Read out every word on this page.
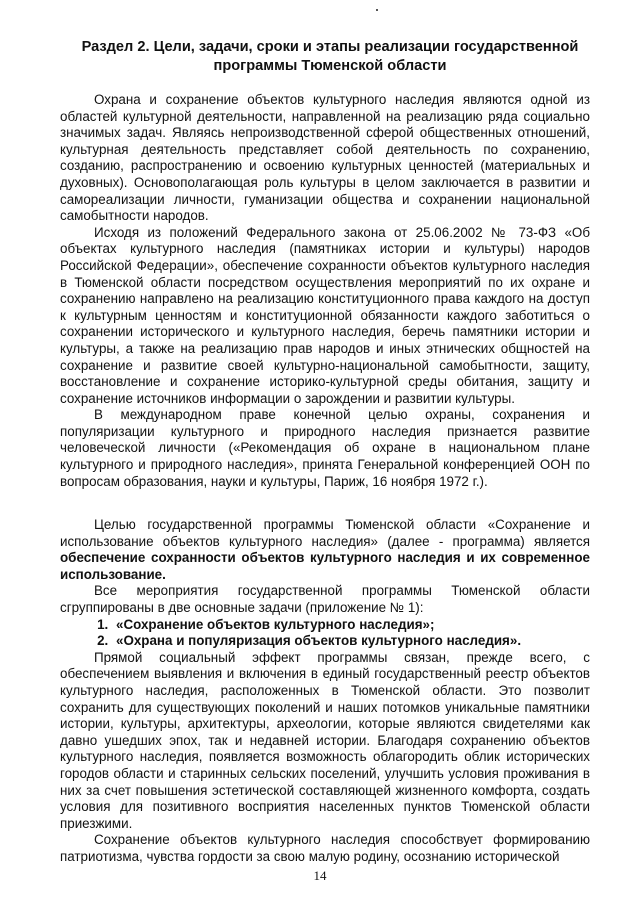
Раздел 2. Цели, задачи, сроки и этапы реализации государственной
программы Тюменской области

Охрана и сохранение объектов культурного наследия являются одной из областей культурной деятельности, направленной на реализацию ряда социально значимых задач. Являясь непроизводственной сферой общественных отношений, культурная деятельность представляет собой деятельность по сохранению, созданию, распространению и освоению культурных ценностей (материальных и духовных). Основополагающая роль культуры в целом заключается в развитии и самореализации личности, гуманизации общества и сохранении национальной самобытности народов.

Исходя из положений Федерального закона от 25.06.2002 № 73-ФЗ «Об объектах культурного наследия (памятниках истории и культуры) народов Российской Федерации», обеспечение сохранности объектов культурного наследия в Тюменской области посредством осуществления мероприятий по их охране и сохранению направлено на реализацию конституционного права каждого на доступ к культурным ценностям и конституционной обязанности каждого заботиться о сохранении исторического и культурного наследия, беречь памятники истории и культуры, а также на реализацию прав народов и иных этнических общностей на сохранение и развитие своей культурно-национальной самобытности, защиту, восстановление и сохранение историко-культурной среды обитания, защиту и сохранение источников информации о зарождении и развитии культуры.

В международном праве конечной целью охраны, сохранения и популяризации культурного и природного наследия признается развитие человеческой личности («Рекомендация об охране в национальном плане культурного и природного наследия», принята Генеральной конференцией ООН по вопросам образования, науки и культуры, Париж, 16 ноября 1972 г.).

Целью государственной программы Тюменской области «Сохранение и использование объектов культурного наследия» (далее - программа) является обеспечение сохранности объектов культурного наследия и их современное использование.

Все мероприятия государственной программы Тюменской области сгруппированы в две основные задачи (приложение № 1):

1. «Сохранение объектов культурного наследия»;
2. «Охрана и популяризация объектов культурного наследия».

Прямой социальный эффект программы связан, прежде всего, с обеспечением выявления и включения в единый государственный реестр объектов культурного наследия, расположенных в Тюменской области. Это позволит сохранить для существующих поколений и наших потомков уникальные памятники истории, культуры, архитектуры, археологии, которые являются свидетелями как давно ушедших эпох, так и недавней истории. Благодаря сохранению объектов культурного наследия, появляется возможность облагородить облик исторических городов области и старинных сельских поселений, улучшить условия проживания в них за счет повышения эстетической составляющей жизненного комфорта, создать условия для позитивного восприятия населенных пунктов Тюменской области приезжими.

Сохранение объектов культурного наследия способствует формированию патриотизма, чувства гордости за свою малую родину, осознанию исторической

14
